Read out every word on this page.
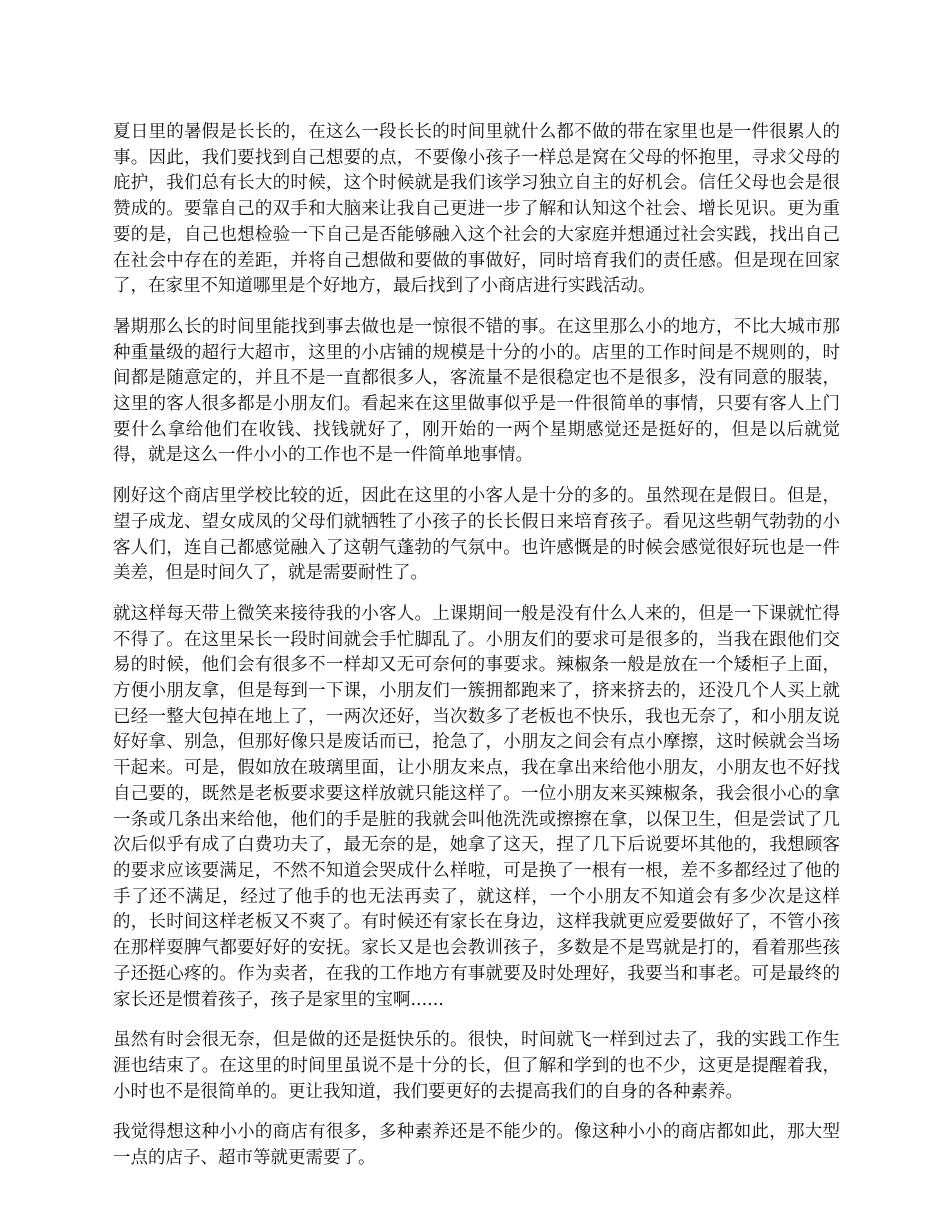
夏日里的暑假是长长的，在这么一段长长的时间里就什么都不做的带在家里也是一件很累人的事。因此，我们要找到自己想要的点，不要像小孩子一样总是窝在父母的怀抱里，寻求父母的庇护，我们总有长大的时候，这个时候就是我们该学习独立自主的好机会。信任父母也会是很赞成的。要靠自己的双手和大脑来让我自己更进一步了解和认知这个社会、增长见识。更为重要的是，自己也想检验一下自己是否能够融入这个社会的大家庭并想通过社会实践，找出自己在社会中存在的差距，并将自己想做和要做的事做好，同时培育我们的责任感。但是现在回家了，在家里不知道哪里是个好地方，最后找到了小商店进行实践活动。

暑期那么长的时间里能找到事去做也是一惊很不错的事。在这里那么小的地方，不比大城市那种重量级的超行大超市，这里的小店铺的规模是十分的小的。店里的工作时间是不规则的，时间都是随意定的，并且不是一直都很多人，客流量不是很稳定也不是很多，没有同意的服装，这里的客人很多都是小朋友们。看起来在这里做事似乎是一件很简单的事情，只要有客人上门要什么拿给他们在收钱、找钱就好了，刚开始的一两个星期感觉还是挺好的，但是以后就觉得，就是这么一件小小的工作也不是一件简单地事情。

刚好这个商店里学校比较的近，因此在这里的小客人是十分的多的。虽然现在是假日。但是，望子成龙、望女成凤的父母们就牺牲了小孩子的长长假日来培育孩子。看见这些朝气勃勃的小客人们，连自己都感觉融入了这朝气蓬勃的气氛中。也许感慨是的时候会感觉很好玩也是一件美差，但是时间久了，就是需要耐性了。

就这样每天带上微笑来接待我的小客人。上课期间一般是没有什么人来的，但是一下课就忙得不得了。在这里呆长一段时间就会手忙脚乱了。小朋友们的要求可是很多的，当我在跟他们交易的时候，他们会有很多不一样却又无可奈何的事要求。辣椒条一般是放在一个矮柜子上面，方便小朋友拿，但是每到一下课，小朋友们一簇拥都跑来了，挤来挤去的，还没几个人买上就已经一整大包掉在地上了，一两次还好，当次数多了老板也不快乐，我也无奈了，和小朋友说好好拿、别急，但那好像只是废话而已，抢急了，小朋友之间会有点小摩擦，这时候就会当场干起来。可是，假如放在玻璃里面，让小朋友来点，我在拿出来给他小朋友，小朋友也不好找自己要的，既然是老板要求要这样放就只能这样了。一位小朋友来买辣椒条，我会很小心的拿一条或几条出来给他，他们的手是脏的我就会叫他洗洗或擦擦在拿，以保卫生，但是尝试了几次后似乎有成了白费功夫了，最无奈的是，她拿了这天，捏了几下后说要坏其他的，我想顾客的要求应该要满足，不然不知道会哭成什么样啦，可是换了一根有一根，差不多都经过了他的手了还不满足，经过了他手的也无法再卖了，就这样，一个小朋友不知道会有多少次是这样的，长时间这样老板又不爽了。有时候还有家长在身边，这样我就更应爱要做好了，不管小孩在那样耍脾气都要好好的安抚。家长又是也会教训孩子，多数是不是骂就是打的，看着那些孩子还挺心疼的。作为卖者，在我的工作地方有事就要及时处理好，我要当和事老。可是最终的家长还是惯着孩子，孩子是家里的宝啊......

虽然有时会很无奈，但是做的还是挺快乐的。很快，时间就飞一样到过去了，我的实践工作生涯也结束了。在这里的时间里虽说不是十分的长，但了解和学到的也不少，这更是提醒着我，小时也不是很简单的。更让我知道，我们要更好的去提高我们的自身的各种素养。

我觉得想这种小小的商店有很多，多种素养还是不能少的。像这种小小的商店都如此，那大型一点的店子、超市等就更需要了。
